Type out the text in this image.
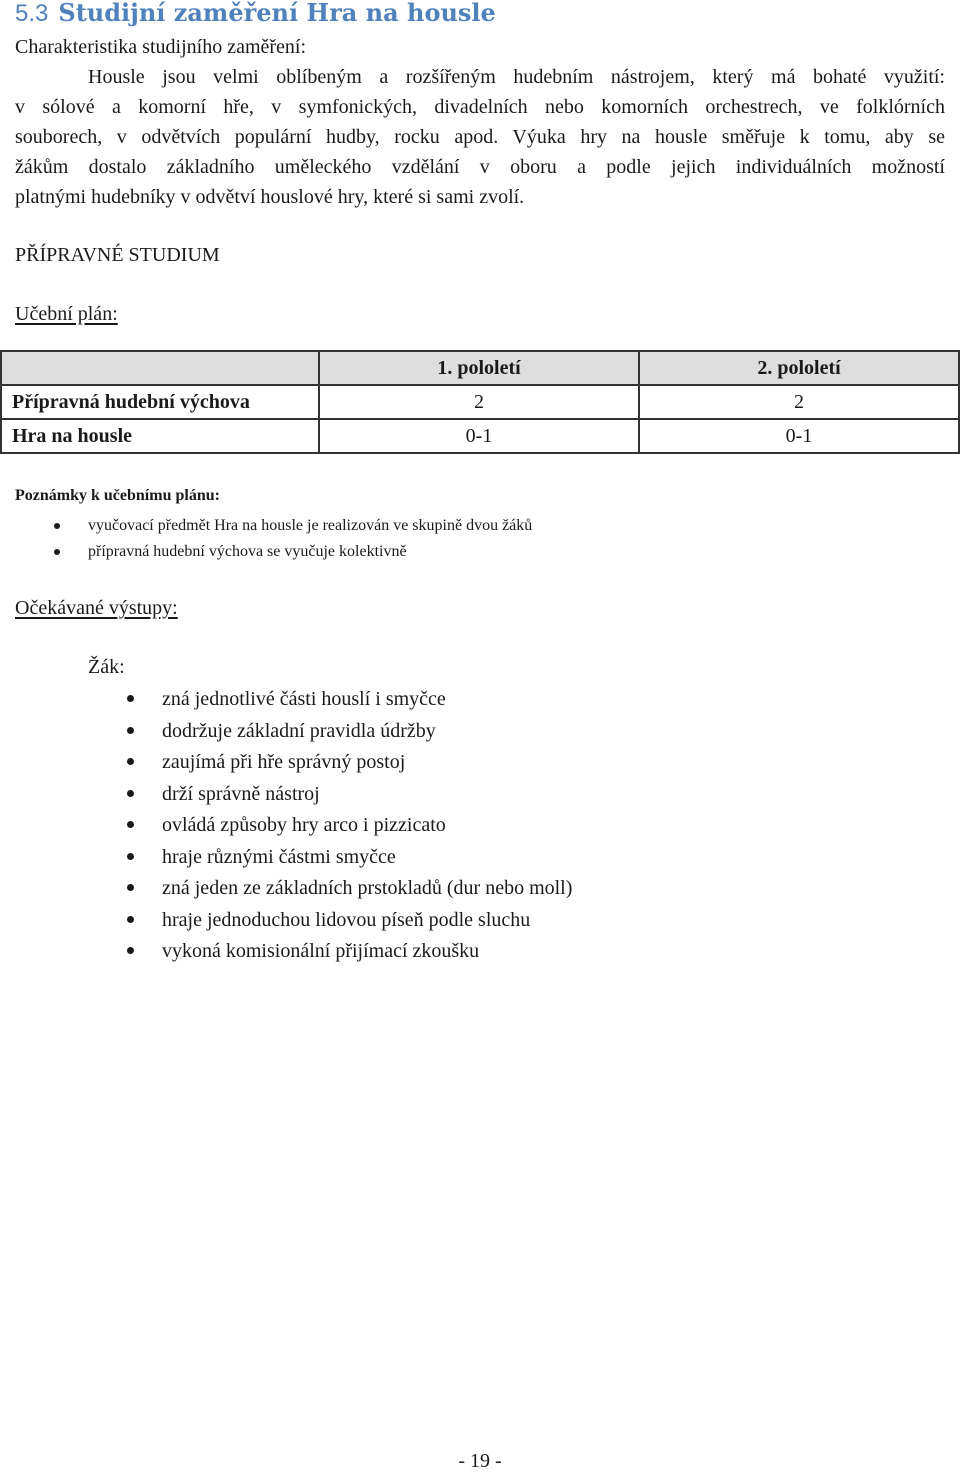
5.3 Studijní zaměření Hra na housle
Charakteristika studijního zaměření:
Housle jsou velmi oblíbeným a rozšířeným hudebním nástrojem, který má bohaté využití:
v sólové a komorní hře, v symfonických, divadelních nebo komorních orchestrech, ve folklórních
souborech, v odvětvích populární hudby, rocku apod. Výuka hry na housle směřuje k tomu, aby se
žákům dostalo základního uměleckého vzdělání v oboru a podle jejich individuálních možností
platnými hudebníky v odvětví houslové hry, které si sami zvolí.
PŘÍPRAVNÉ STUDIUM
Učební plán:
	1. pololetí	2. pololetí
Přípravná hudební výchova	2	2
Hra na housle	0-1	0-1
Poznámky k učebnímu plánu:
vyučovací předmět Hra na housle je realizován ve skupině dvou žáků
přípravná hudební výchova se vyučuje kolektivně
Očekávané výstupy:
Žák:
zná jednotlivé části houslí i smyčce
dodržuje základní pravidla údržby
zaujímá při hře správný postoj
drží správně nástroj
ovládá způsoby hry arco i pizzicato
hraje různými částmi smyčce
zná jeden ze základních prstokladů (dur nebo moll)
hraje jednoduchou lidovou píseň podle sluchu
vykoná komisionální přijímací zkoušku
- 19 -
